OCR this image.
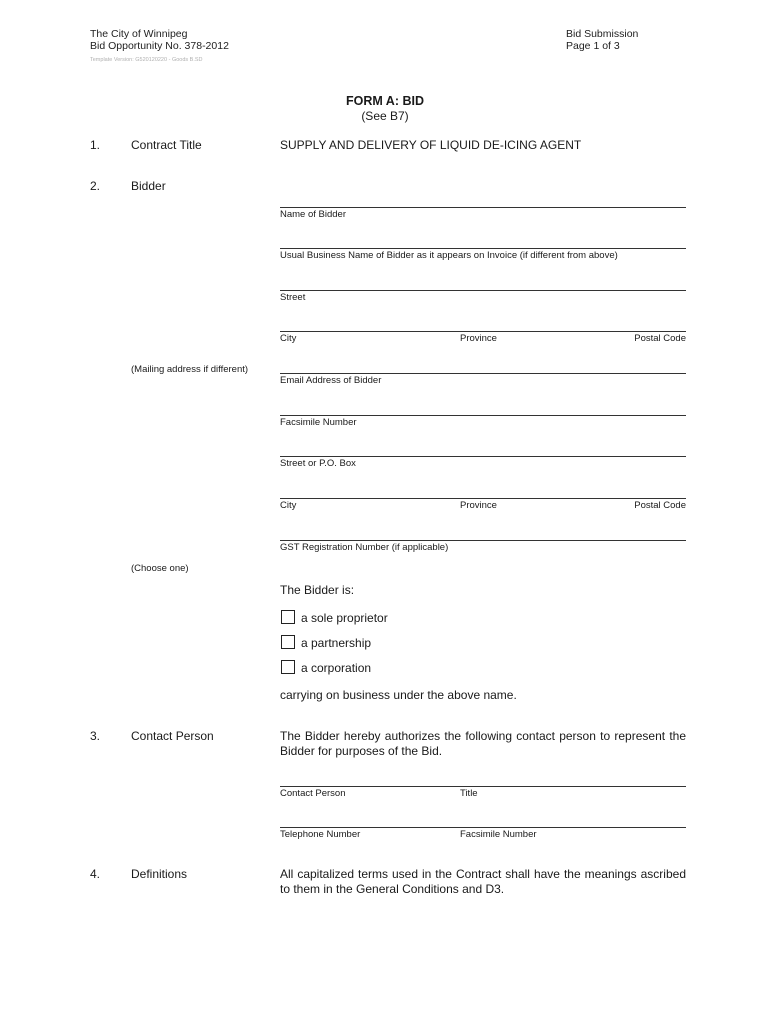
The City of Winnipeg
Bid Opportunity No. 378-2012
Template Version: G520120220 - Goods B.SD
Bid Submission
Page 1 of 3
FORM A: BID
(See B7)
1.	Contract Title	SUPPLY AND DELIVERY OF LIQUID DE-ICING AGENT
2.	Bidder
Name of Bidder
Usual Business Name of Bidder as it appears on Invoice (if different from above)
Street
City	Province	Postal Code
(Mailing address if different)
Email Address of Bidder
Facsimile Number
Street or P.O. Box
City	Province	Postal Code
GST Registration Number (if applicable)
(Choose one)
The Bidder is:
a sole proprietor
a partnership
a corporation
carrying on business under the above name.
3.	Contact Person	The Bidder hereby authorizes the following contact person to represent the Bidder for purposes of the Bid.
Contact Person	Title
Telephone Number	Facsimile Number
4.	Definitions	All capitalized terms used in the Contract shall have the meanings ascribed to them in the General Conditions and D3.
